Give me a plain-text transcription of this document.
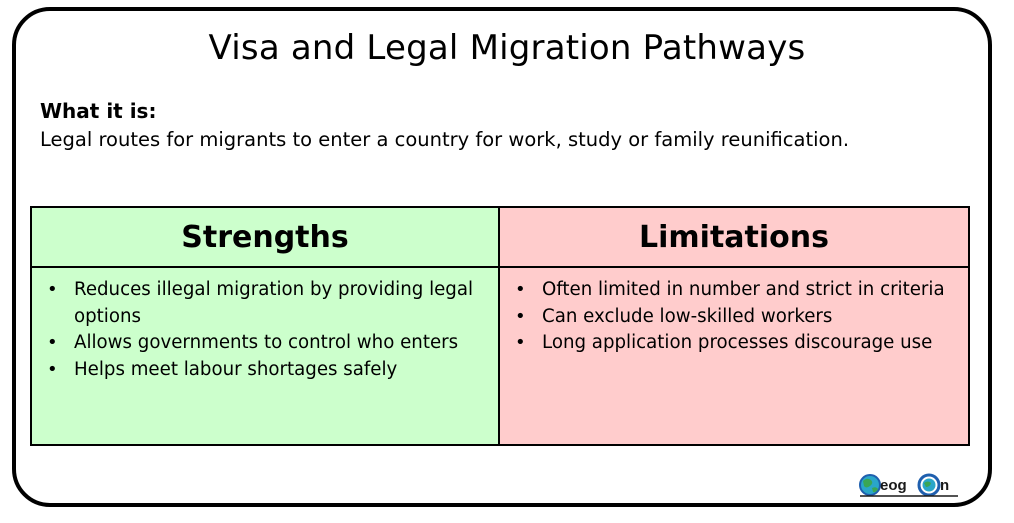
Visa and Legal Migration Pathways
What it is:
Legal routes for migrants to enter a country for work, study or family reunification.
Strengths
• Reduces illegal migration by providing legal options
• Allows governments to control who enters
• Helps meet labour shortages safely
Limitations
• Often limited in number and strict in criteria
• Can exclude low-skilled workers
• Long application processes discourage use
eog n
